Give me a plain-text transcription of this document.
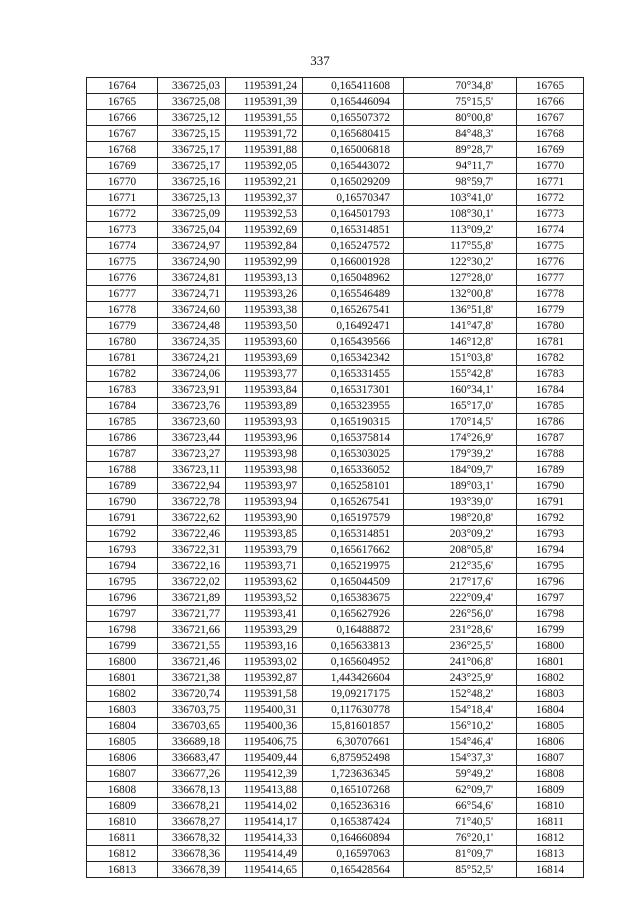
337
16764	336725,03	1195391,24	0,165411608	70°34,8'	16765
16765	336725,08	1195391,39	0,165446094	75°15,5'	16766
16766	336725,12	1195391,55	0,165507372	80°00,8'	16767
16767	336725,15	1195391,72	0,165680415	84°48,3'	16768
16768	336725,17	1195391,88	0,165006818	89°28,7'	16769
16769	336725,17	1195392,05	0,165443072	94°11,7'	16770
16770	336725,16	1195392,21	0,165029209	98°59,7'	16771
16771	336725,13	1195392,37	0,16570347	103°41,0'	16772
16772	336725,09	1195392,53	0,164501793	108°30,1'	16773
16773	336725,04	1195392,69	0,165314851	113°09,2'	16774
16774	336724,97	1195392,84	0,165247572	117°55,8'	16775
16775	336724,90	1195392,99	0,166001928	122°30,2'	16776
16776	336724,81	1195393,13	0,165048962	127°28,0'	16777
16777	336724,71	1195393,26	0,165546489	132°00,8'	16778
16778	336724,60	1195393,38	0,165267541	136°51,8'	16779
16779	336724,48	1195393,50	0,16492471	141°47,8'	16780
16780	336724,35	1195393,60	0,165439566	146°12,8'	16781
16781	336724,21	1195393,69	0,165342342	151°03,8'	16782
16782	336724,06	1195393,77	0,165331455	155°42,8'	16783
16783	336723,91	1195393,84	0,165317301	160°34,1'	16784
16784	336723,76	1195393,89	0,165323955	165°17,0'	16785
16785	336723,60	1195393,93	0,165190315	170°14,5'	16786
16786	336723,44	1195393,96	0,165375814	174°26,9'	16787
16787	336723,27	1195393,98	0,165303025	179°39,2'	16788
16788	336723,11	1195393,98	0,165336052	184°09,7'	16789
16789	336722,94	1195393,97	0,165258101	189°03,1'	16790
16790	336722,78	1195393,94	0,165267541	193°39,0'	16791
16791	336722,62	1195393,90	0,165197579	198°20,8'	16792
16792	336722,46	1195393,85	0,165314851	203°09,2'	16793
16793	336722,31	1195393,79	0,165617662	208°05,8'	16794
16794	336722,16	1195393,71	0,165219975	212°35,6'	16795
16795	336722,02	1195393,62	0,165044509	217°17,6'	16796
16796	336721,89	1195393,52	0,165383675	222°09,4'	16797
16797	336721,77	1195393,41	0,165627926	226°56,0'	16798
16798	336721,66	1195393,29	0,16488872	231°28,6'	16799
16799	336721,55	1195393,16	0,165633813	236°25,5'	16800
16800	336721,46	1195393,02	0,165604952	241°06,8'	16801
16801	336721,38	1195392,87	1,443426604	243°25,9'	16802
16802	336720,74	1195391,58	19,09217175	152°48,2'	16803
16803	336703,75	1195400,31	0,117630778	154°18,4'	16804
16804	336703,65	1195400,36	15,81601857	156°10,2'	16805
16805	336689,18	1195406,75	6,30707661	154°46,4'	16806
16806	336683,47	1195409,44	6,875952498	154°37,3'	16807
16807	336677,26	1195412,39	1,723636345	59°49,2'	16808
16808	336678,13	1195413,88	0,165107268	62°09,7'	16809
16809	336678,21	1195414,02	0,165236316	66°54,6'	16810
16810	336678,27	1195414,17	0,165387424	71°40,5'	16811
16811	336678,32	1195414,33	0,164660894	76°20,1'	16812
16812	336678,36	1195414,49	0,16597063	81°09,7'	16813
16813	336678,39	1195414,65	0,165428564	85°52,5'	16814
